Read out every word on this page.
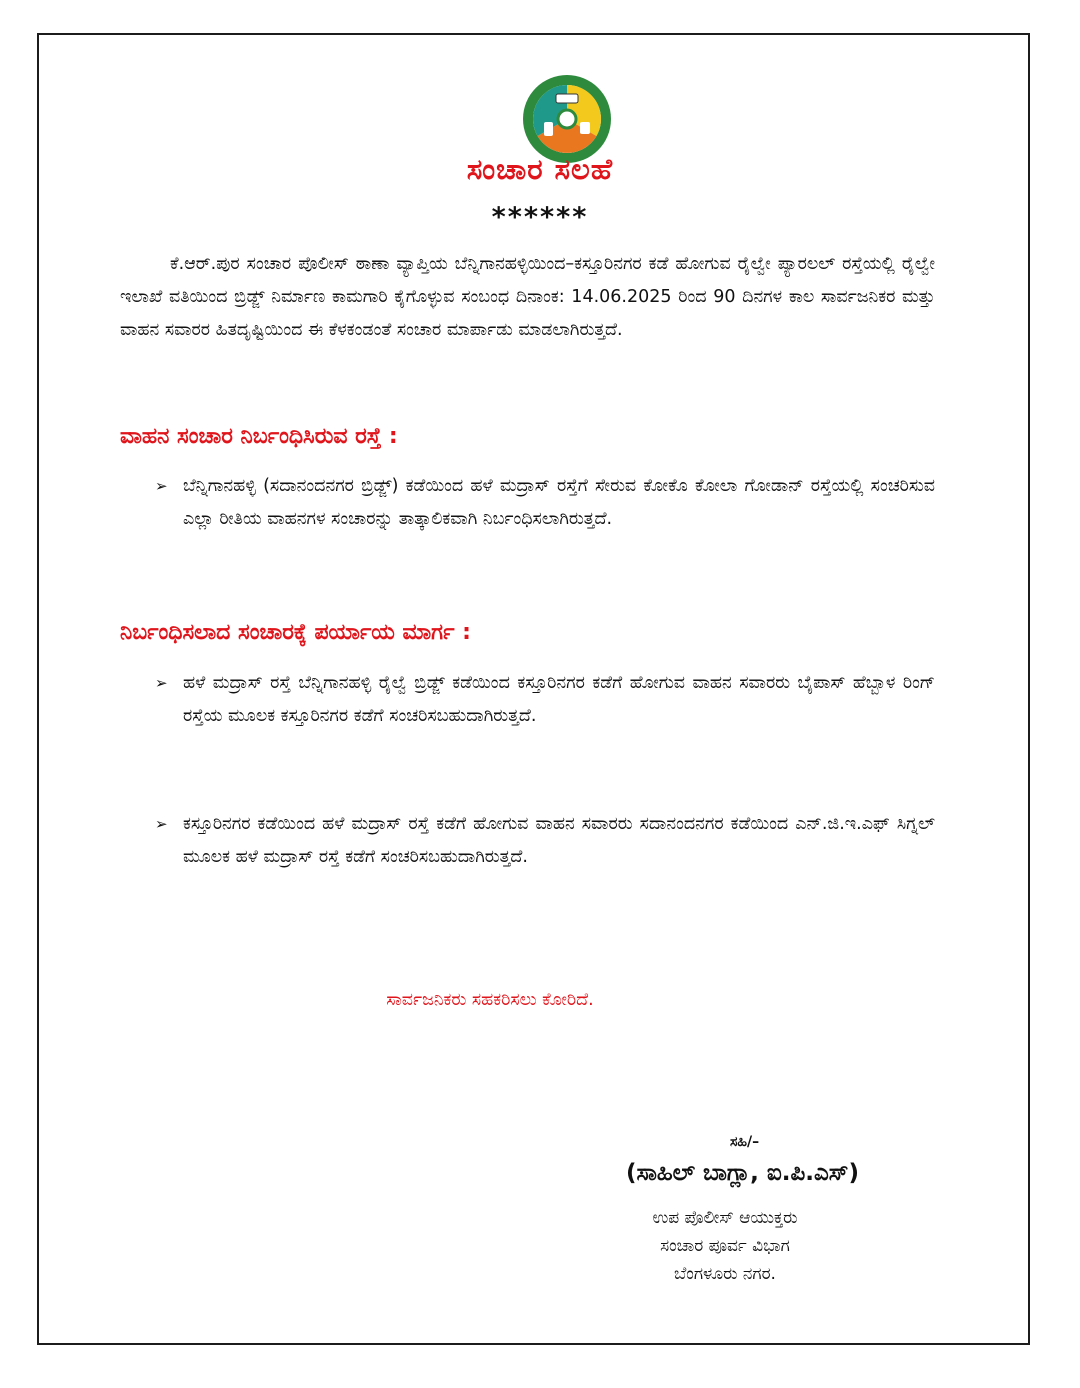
ಸಂಚಾರ ಸಲಹೆ
******

ಕೆ.ಆರ್.ಪುರ ಸಂಚಾರ ಪೊಲೀಸ್ ಠಾಣಾ ವ್ಯಾಪ್ತಿಯ ಬೆನ್ನಿಗಾನಹಳ್ಳಿಯಿಂದ–ಕಸ್ತೂರಿನಗರ ಕಡೆ ಹೋಗುವ ರೈಲ್ವೇ ಪ್ಯಾರಲಲ್ ರಸ್ತೆಯಲ್ಲಿ ರೈಲ್ವೇ ಇಲಾಖೆ ವತಿಯಿಂದ ಬ್ರಿಡ್ಜ್ ನಿರ್ಮಾಣ ಕಾಮಗಾರಿ ಕೈಗೊಳ್ಳುವ ಸಂಬಂಧ ದಿನಾಂಕ: 14.06.2025 ರಿಂದ 90 ದಿನಗಳ ಕಾಲ ಸಾರ್ವಜನಿಕರ ಮತ್ತು ವಾಹನ ಸವಾರರ ಹಿತದೃಷ್ಟಿಯಿಂದ ಈ ಕೆಳಕಂಡಂತೆ ಸಂಚಾರ ಮಾರ್ಪಾಡು ಮಾಡಲಾಗಿರುತ್ತದೆ.

ವಾಹನ ಸಂಚಾರ ನಿರ್ಬಂಧಿಸಿರುವ ರಸ್ತೆ :
➢ ಬೆನ್ನಿಗಾನಹಳ್ಳಿ (ಸದಾನಂದನಗರ ಬ್ರಿಡ್ಜ್) ಕಡೆಯಿಂದ ಹಳೆ ಮದ್ರಾಸ್ ರಸ್ತೆಗೆ ಸೇರುವ ಕೋಕೊ ಕೋಲಾ ಗೋಡಾನ್ ರಸ್ತೆಯಲ್ಲಿ ಸಂಚರಿಸುವ ಎಲ್ಲಾ ರೀತಿಯ ವಾಹನಗಳ ಸಂಚಾರನ್ನು ತಾತ್ಕಾಲಿಕವಾಗಿ ನಿರ್ಬಂಧಿಸಲಾಗಿರುತ್ತದೆ.

ನಿರ್ಬಂಧಿಸಲಾದ ಸಂಚಾರಕ್ಕೆ ಪರ್ಯಾಯ ಮಾರ್ಗ :
➢ ಹಳೆ ಮದ್ರಾಸ್ ರಸ್ತೆ ಬೆನ್ನಿಗಾನಹಳ್ಳಿ ರೈಲ್ವೆ ಬ್ರಿಡ್ಜ್ ಕಡೆಯಿಂದ ಕಸ್ತೂರಿನಗರ ಕಡೆಗೆ ಹೋಗುವ ವಾಹನ ಸವಾರರು ಬೈಪಾಸ್ ಹೆಬ್ಬಾಳ ರಿಂಗ್ ರಸ್ತೆಯ ಮೂಲಕ ಕಸ್ತೂರಿನಗರ ಕಡೆಗೆ ಸಂಚರಿಸಬಹುದಾಗಿರುತ್ತದೆ.

➢ ಕಸ್ತೂರಿನಗರ ಕಡೆಯಿಂದ ಹಳೆ ಮದ್ರಾಸ್ ರಸ್ತೆ ಕಡೆಗೆ ಹೋಗುವ ವಾಹನ ಸವಾರರು ಸದಾನಂದನಗರ ಕಡೆಯಿಂದ ಎನ್.ಜಿ.ಇ.ಎಫ್ ಸಿಗ್ನಲ್ ಮೂಲಕ ಹಳೆ ಮದ್ರಾಸ್ ರಸ್ತೆ ಕಡೆಗೆ ಸಂಚರಿಸಬಹುದಾಗಿರುತ್ತದೆ.

ಸಾರ್ವಜನಿಕರು ಸಹಕರಿಸಲು ಕೋರಿದೆ.
ಸಹಿ/–
(ಸಾಹಿಲ್ ಬಾಗ್ಲಾ, ಐ.ಪಿ.ಎಸ್)
ಉಪ ಪೊಲೀಸ್ ಆಯುಕ್ತರು
ಸಂಚಾರ ಪೂರ್ವ ವಿಭಾಗ
ಬೆಂಗಳೂರು ನಗರ.
